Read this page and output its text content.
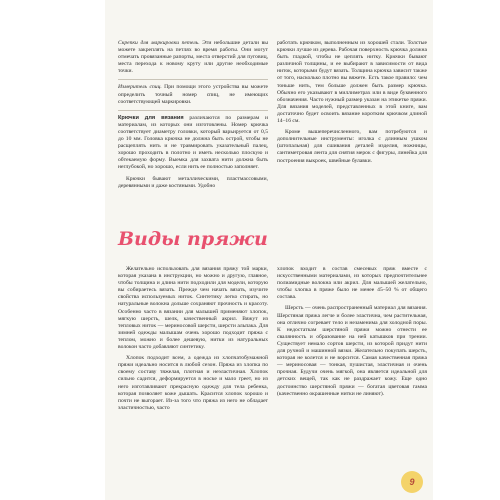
Скрепки для маркировки петель. Эти небольшие детали вы можете закреплять на петлях во время работы. Они могут отмечать провязанные рапорты, места отверстий для пуговиц, места перехода к новому круту или другие необходимые точки.

Измеритель спиц. При помощи этого устройства вы можете определить точный номер спиц, не имеющих соответствующей маркировки.

Крючки для вязания различаются по размерам и материалам, из которых они изготовлены. Номер крючка соответствует диаметру головки, который варьируется от 0,5 до 10 мм. Головка крючка не должна быть острой, чтобы не расщеплять нить и не травмировать указательный палец, хорошо проходить в полотно и иметь несколько плоскую и обтекаемую форму. Выемка для захвата нити должна быть неглубокой, но хорошо, если нить ее полностью заполняет.

Крючки бывают металлическими, пластмассовыми, деревянными и даже костяными. Удобно

работать крючком, выполненным из хорошей стали. Толстые крючки лучше из дерева. Рабочая поверхность крючка должна быть гладкой, чтобы не цеплять нитку. Крючки бывают различной толщины, и ее выбирают в зависимости от вида ниток, которыми будут вязать. Толщина крючка зависит также от того, насколько плотно вы вяжете. Есть такое правило: чем тоньше нить, тем больше должен быть размер крючка. Обычно его указывают в миллиметрах или в виде буквенного обозначения. Часто нужный размер указан на этикетке пряжи. Для вязания моделей, представленных в этой книге, вам достаточно будет освоить вязание коротким крючком длиной 14–16 см.

Кроме вышеперечисленного, вам потребуются и дополнительные инструменты: иголка с длинным ушком (штопальная) для сшивания деталей изделия, ножницы, сантиметровая лента для снятия мерок с фигуры, линейка для построения выкроек, швейные булавки.

Виды пряжи

Желательно использовать для вязания пряжу той марки, которая указана в инструкции, но можно и другую, главное, чтобы толщина и длина нити подходили для модели, которую вы собираетесь вязать. Прежде чем начать вязать, изучите свойства используемых ниток. Синтетику легко стирать, но натуральные волокна дольше сохраняют прочность и красоту. Особенно часто в вязании для малышей применяют хлопок, мягкую шерсть, шелк, качественный акрил. Вяжут из тепловых ниток — мериносовой шерсти, шерсти альпака. Для зимней одежды малышам очень хорошо подходит пряжа с теплом, можно и более дешевую, нитки из натуральных волокон часто добавляют синтетику.

Хлопок подходит всем, а одежда из хлопчатобумажной пряжи идеально носится в любой сезон. Пряжа из хлопка по своему составу тяжелая, плотная и неэластичная. Хлопок сильно садится, деформируется в носке и мало греет, но из него изготавливают прекрасную одежду для тела ребенка, которая позволяет коже дышать. Красится хлопок хорошо и почти не выгорает. Из-за того что пряжа из него не обладает эластичностью, часто

хлопок входит в состав смесевых пряж вместе с искусственными материалами, из которых предпочтительнее полиамидные волокна или акрил. Для малышей желательно, чтобы хлопка в пряже было не менее 45–50 % от общего состава.

Шерсть — очень распространенный материал для вязания. Шерстяная пряжа легче и более эластична, чем растительная, она отлично согревает тело и незаменима для холодной поры. К недостаткам шерстяной пряжи можно отнести ее свалянность и образование на ней катышков при трении. Существует немало сортов шерсти, из которой придут нити для ручной и машинной вязки. Желательно покупать шерсть, которая не колется и не ворсится. Самая качественная пряжа — мериносовая — тонкая, пушистая, эластичная и очень прочная. Будучи очень мягкой, она является идеальной для детских вещей, так как не раздражает кожу. Еще одно достоинство шерстяной пряжи — богатая цветовая гамма (качественно окрашенные нитки не линяют).

9
